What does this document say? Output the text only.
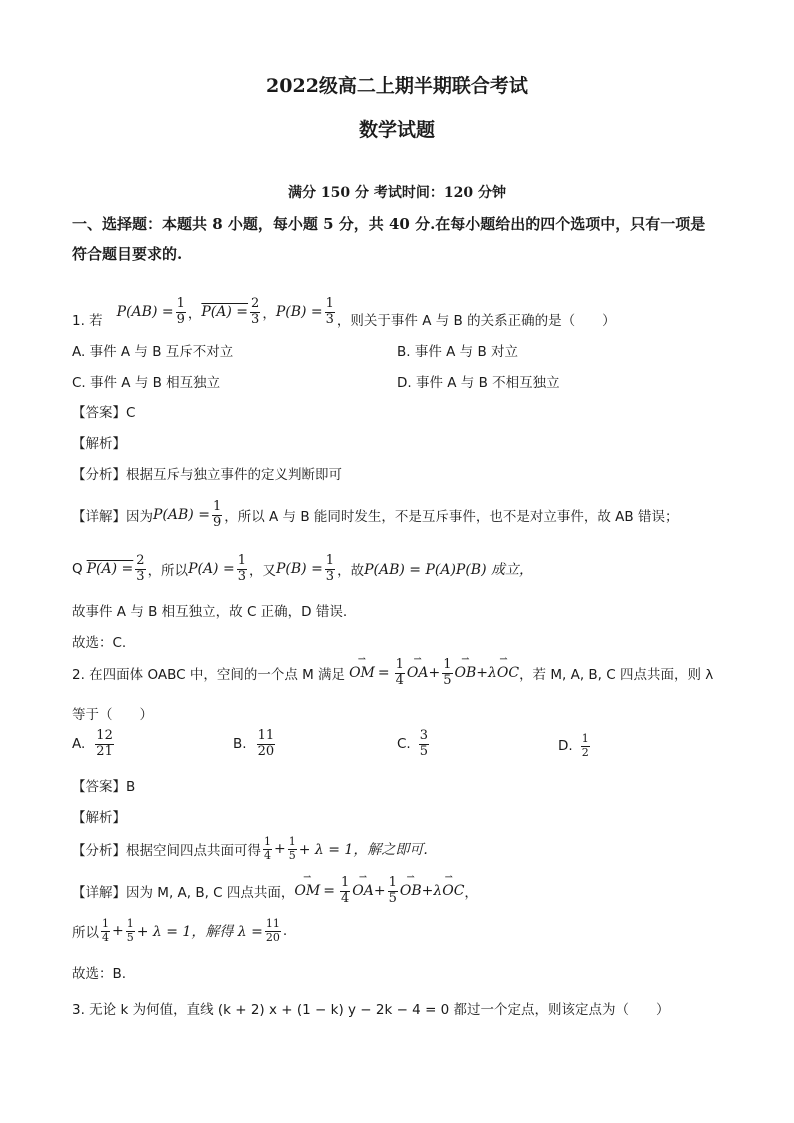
2022级高二上期半期联合考试
数学试题
满分 150 分 考试时间：120 分钟
一、选择题：本题共 8 小题，每小题 5 分，共 40 分.在每小题给出的四个选项中，只有一项是
符合题目要求的.
1. 若
$P(AB) = \frac{1}{9}$ ， $P(A) = \frac{2}{3}$ ， $P(B) = \frac{1}{3}$ ，则关于事件 A 与 B 的关系正确的是（　　）
A. 事件 A 与 B 互斥不对立	B. 事件 A 与 B 对立
C. 事件 A 与 B 相互独立	D. 事件 A 与 B 不相互独立
【答案】C
【解析】
【分析】根据互斥与独立事件的定义判断即可
【详解】 因为 $P(AB) = \frac{1}{9}$ ，所以 A 与 B 能同时发生，不是互斥事件，也不是对立事件，故 AB 错误；
Q $P(A) = \frac{2}{3}$ ，所以 $P(A) = \frac{1}{3}$ ，又 $P(B) = \frac{1}{3}$ ，故 P(AB) = P(A)P(B) 成立，
故事件 A 与 B 相互独立，故 C 正确，D 错误.
故选：C.
2. 在四面体 OABC 中，空间的一个点 M 满足 ⇀ OM = $\frac{1}{4}$ ⇀ OA + $\frac{1}{5}$ ⇀ OB + ⇀ λOC ，若 M, A, B, C 四点共面，则 λ
等于（　　）
A. $\frac{12}{21}$	B. $\frac{11}{20}$	C. $\frac{3}{5}$	D. $\frac{1}{2}$
【答案】B
【解析】
【分析】 根据空间四点共面可得 $\frac{1}{4} + \frac{1}{5} + \lambda = 1$，解之即可.
【详解】 因为 M, A, B, C 四点共面， ⇀ OM = $\frac{1}{4}$ ⇀ OA + $\frac{1}{5}$ ⇀ OB + ⇀ λOC ，
所以 $\frac{1}{4} + \frac{1}{5} + \lambda = 1$，解得 $\lambda = \frac{11}{20}$ .
故选：B.
3. 无论 k 为何值，直线 (k + 2) x + (1 − k) y − 2k − 4 = 0 都过一个定点，则该定点为（　　）
